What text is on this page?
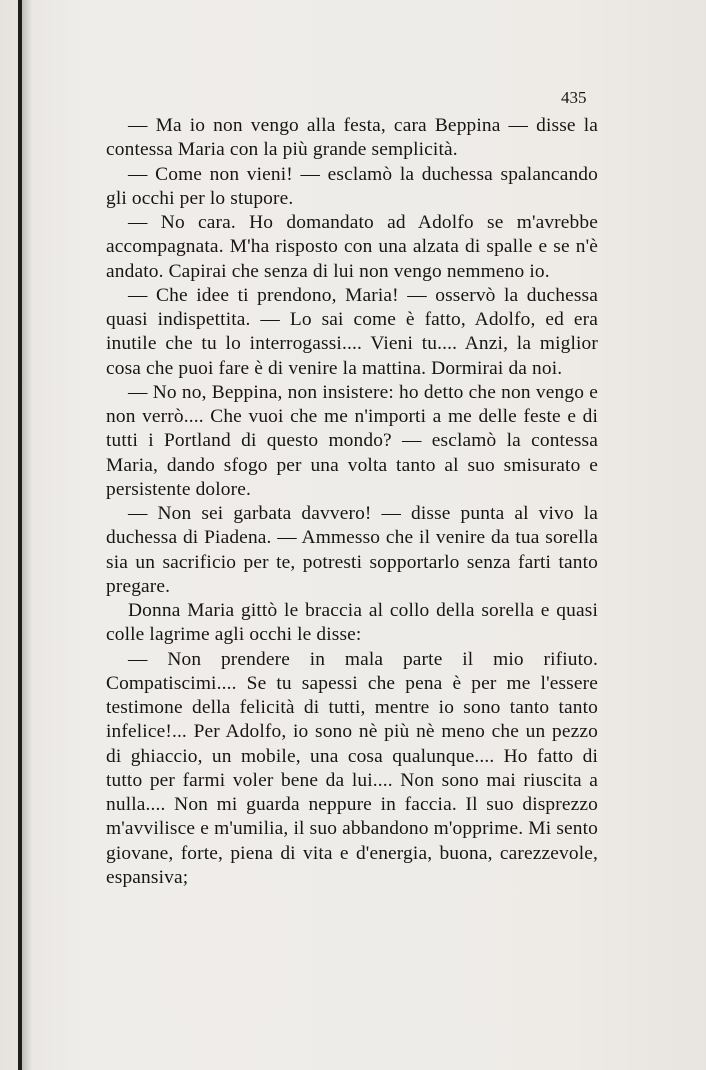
435

— Ma io non vengo alla festa, cara Beppina — disse la contessa Maria con la più grande semplicità.

— Come non vieni! — esclamò la duchessa spalancando gli occhi per lo stupore.

— No cara. Ho domandato ad Adolfo se m'avrebbe accompagnata. M'ha risposto con una alzata di spalle e se n'è andato. Capirai che senza di lui non vengo nemmeno io.

— Che idee ti prendono, Maria! — osservò la duchessa quasi indispettita. — Lo sai come è fatto, Adolfo, ed era inutile che tu lo interrogassi.... Vieni tu.... Anzi, la miglior cosa che puoi fare è di venire la mattina. Dormirai da noi.

— No no, Beppina, non insistere: ho detto che non vengo e non verrò.... Che vuoi che me n'importi a me delle feste e di tutti i Portland di questo mondo? — esclamò la contessa Maria, dando sfogo per una volta tanto al suo smisurato e persistente dolore.

— Non sei garbata davvero! — disse punta al vivo la duchessa di Piadena. — Ammesso che il venire da tua sorella sia un sacrificio per te, potresti sopportarlo senza farti tanto pregare.

Donna Maria gittò le braccia al collo della sorella e quasi colle lagrime agli occhi le disse:

— Non prendere in mala parte il mio rifiuto. Compatiscimi.... Se tu sapessi che pena è per me l'essere testimone della felicità di tutti, mentre io sono tanto tanto infelice!... Per Adolfo, io sono nè più nè meno che un pezzo di ghiaccio, un mobile, una cosa qualunque.... Ho fatto di tutto per farmi voler bene da lui.... Non sono mai riuscita a nulla.... Non mi guarda neppure in faccia. Il suo disprezzo m'avvilisce e m'umilia, il suo abbandono m'opprime. Mi sento giovane, forte, piena di vita e d'energia, buona, carezzevole, espansiva;
